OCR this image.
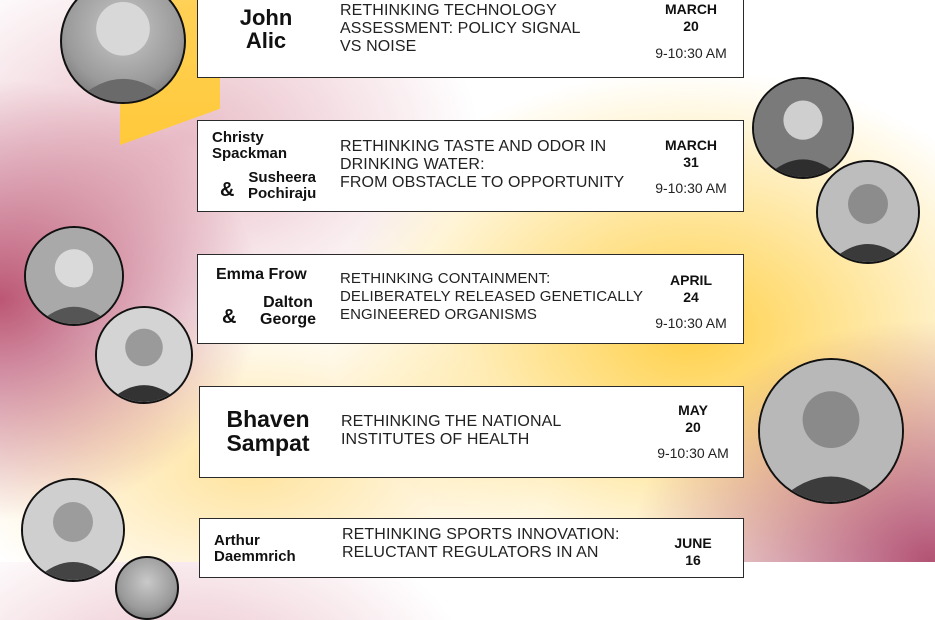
John
Alic
RETHINKING TECHNOLOGY
ASSESSMENT: POLICY SIGNAL
VS NOISE
MARCH
20
9-10:30 AM
Christy
Spackman
&
Susheera
Pochiraju
RETHINKING TASTE AND ODOR IN
DRINKING WATER:
FROM OBSTACLE TO OPPORTUNITY
MARCH
31
9-10:30 AM
Emma Frow
&
Dalton
George
RETHINKING CONTAINMENT:
DELIBERATELY RELEASED GENETICALLY
ENGINEERED ORGANISMS
APRIL
24
9-10:30 AM
Bhaven
Sampat
RETHINKING THE NATIONAL
INSTITUTES OF HEALTH
MAY
20
9-10:30 AM
Arthur
Daemmrich
RETHINKING SPORTS INNOVATION:
RELUCTANT REGULATORS IN AN
JUNE
16
